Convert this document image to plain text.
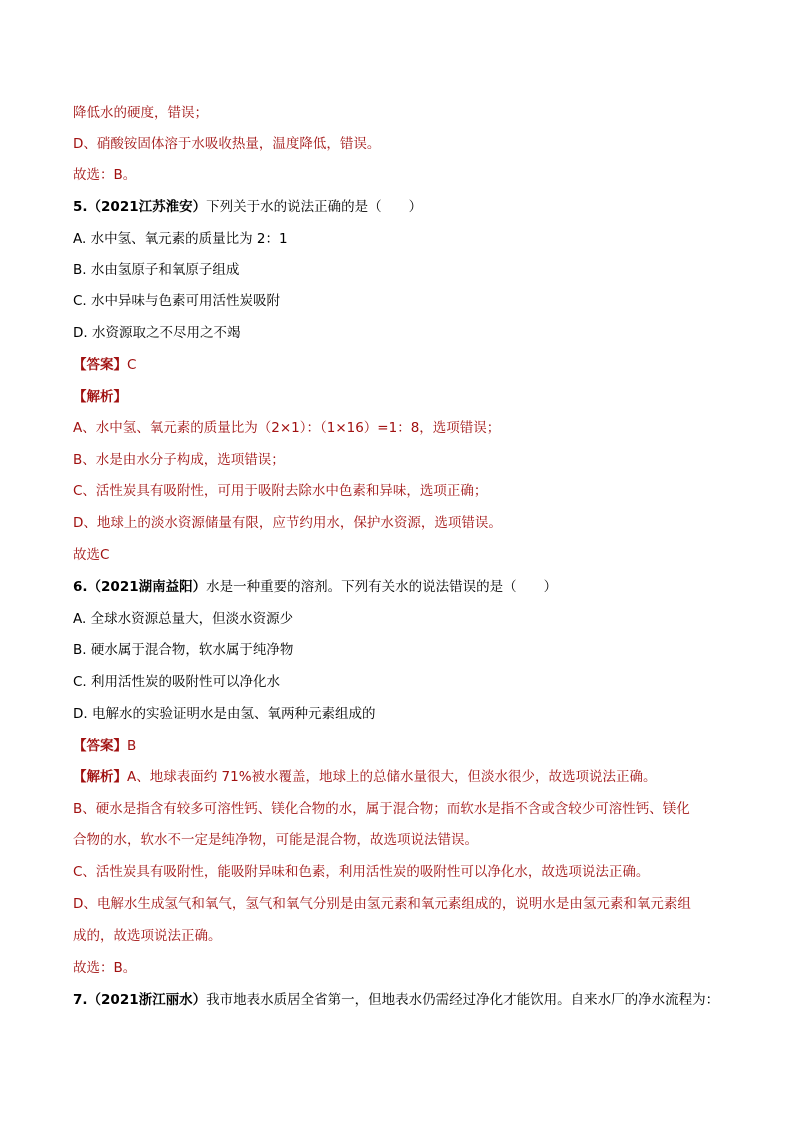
降低水的硬度，错误；
D、硝酸铵固体溶于水吸收热量，温度降低，错误。
故选：B。
5.（2021江苏淮安）下列关于水的说法正确的是（　　）
A. 水中氢、氧元素的质量比为 2：1
B. 水由氢原子和氧原子组成
C. 水中异味与色素可用活性炭吸附
D. 水资源取之不尽用之不竭
【答案】C
【解析】
A、水中氢、氧元素的质量比为（2×1）：（1×16）=1：8，选项错误；
B、水是由水分子构成，选项错误；
C、活性炭具有吸附性，可用于吸附去除水中色素和异味，选项正确；
D、地球上的淡水资源储量有限，应节约用水，保护水资源，选项错误。
故选C
6.（2021湖南益阳）水是一种重要的溶剂。下列有关水的说法错误的是（　　）
A. 全球水资源总量大，但淡水资源少
B. 硬水属于混合物，软水属于纯净物
C. 利用活性炭的吸附性可以净化水
D. 电解水的实验证明水是由氢、氧两种元素组成的
【答案】B
【解析】A、地球表面约 71%被水覆盖，地球上的总储水量很大，但淡水很少，故选项说法正确。
B、硬水是指含有较多可溶性钙、镁化合物的水，属于混合物；而软水是指不含或含较少可溶性钙、镁化
合物的水，软水不一定是纯净物，可能是混合物，故选项说法错误。
C、活性炭具有吸附性，能吸附异味和色素，利用活性炭的吸附性可以净化水，故选项说法正确。
D、电解水生成氢气和氧气，氢气和氧气分别是由氢元素和氧元素组成的，说明水是由氢元素和氧元素组
成的，故选项说法正确。
故选：B。
7.（2021浙江丽水）我市地表水质居全省第一，但地表水仍需经过净化才能饮用。自来水厂的净水流程为：
